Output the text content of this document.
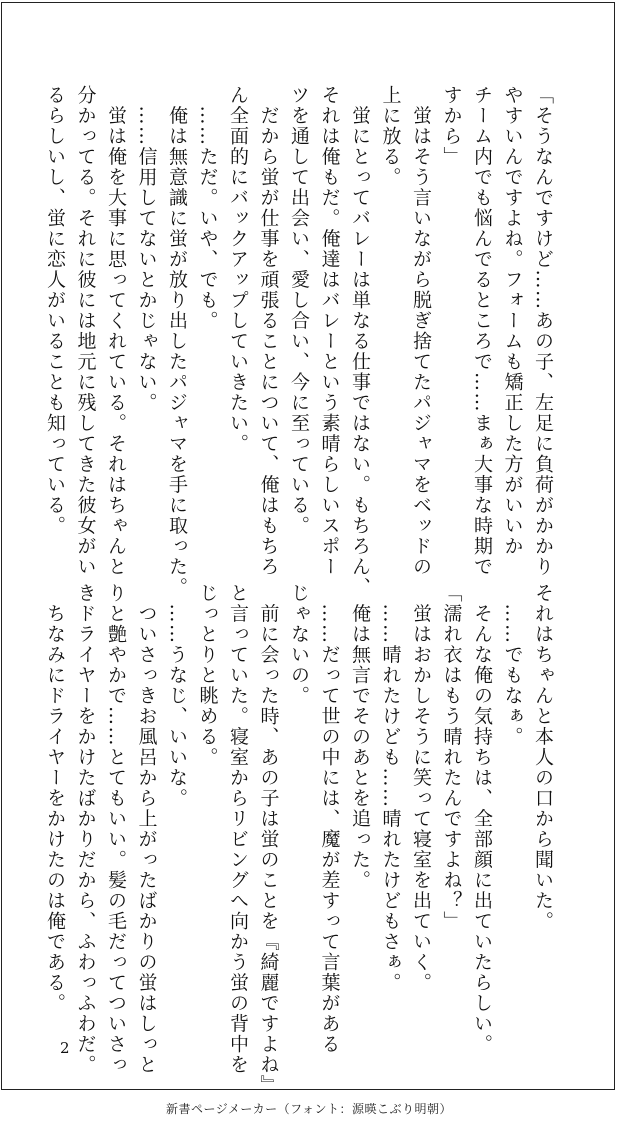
「そうなんですけど……あの子、左足に負荷がかかり
やすいんですよね。フォームも矯正した方がいいか
チーム内でも悩んでるところで……まぁ大事な時期で
すから」
　蛍はそう言いながら脱ぎ捨てたパジャマをベッドの
上に放る。
　蛍にとってバレーは単なる仕事ではない。もちろん、
それは俺もだ。俺達はバレーという素晴らしいスポー
ツを通して出会い、愛し合い、今に至っている。
　だから蛍が仕事を頑張ることについて、俺はもちろ
ん全面的にバックアップしていきたい。
　……ただ。いや、でも。
　俺は無意識に蛍が放り出したパジャマを手に取った。
　……信用してないとかじゃない。
　蛍は俺を大事に思ってくれている。それはちゃんと
分かってる。それに彼には地元に残してきた彼女がい
るらしいし、蛍に恋人がいることも知っている。
それはちゃんと本人の口から聞いた。
　……でもなぁ。
　そんな俺の気持ちは、全部顔に出ていたらしい。
「濡れ衣はもう晴れたんですよね？」
　蛍はおかしそうに笑って寝室を出ていく。
　……晴れたけども……晴れたけどもさぁ。
　俺は無言でそのあとを追った。
　……だって世の中には、魔が差すって言葉がある
じゃないの。
　前に会った時、あの子は蛍のことを『綺麗ですよね』
と言っていた。寝室からリビングへ向かう蛍の背中を
じっとりと眺める。
　……うなじ、いいな。
　ついさっきお風呂から上がったばかりの蛍はしっと
りと艶やかで……とてもいい。髪の毛だってついさっ
きドライヤーをかけたばかりだから、ふわっふわだ。
　ちなみにドライヤーをかけたのは俺である。
2
新書ページメーカー（フォント：源暎こぶり明朝）
